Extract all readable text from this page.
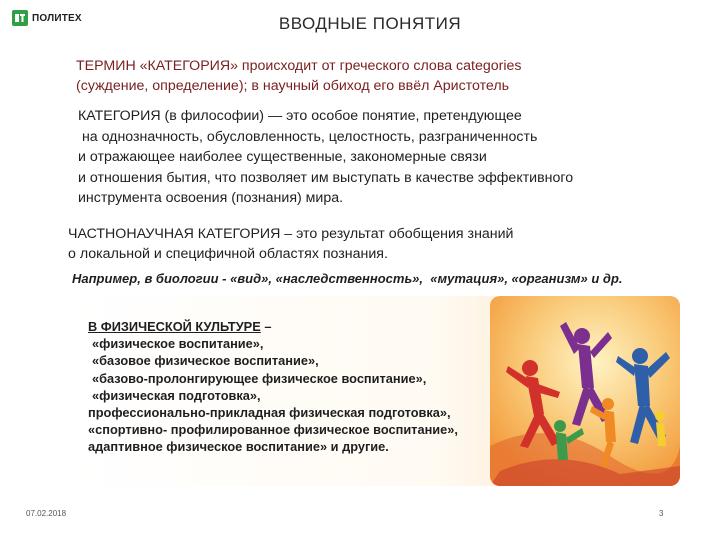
ПОЛИТЕХ	ВВОДНЫЕ ПОНЯТИЯ
ТЕРМИН «КАТЕГОРИЯ» происходит от греческого слова categories
(суждение, определение); в научный обиход его ввёл Аристотель
КАТЕГОРИЯ (в философии) — это особое понятие, претендующее
на однозначность, обусловленность, целостность, разграниченность
и отражающее наиболее существенные, закономерные связи
и отношения бытия, что позволяет им выступать в качестве эффективного
инструмента освоения (познания) мира.
ЧАСТНОНАУЧНАЯ КАТЕГОРИЯ – это результат обобщения знаний
о локальной и специфичной областях познания.
Например, в биологии - «вид», «наследственность»,  «мутация», «организм» и др.
В ФИЗИЧЕСКОЙ КУЛЬТУРЕ –
«физическое воспитание»,
«базовое физическое воспитание»,
«базово-пролонгирующее физическое воспитание»,
«физическая подготовка»,
профессионально-прикладная физическая подготовка»,
«спортивно- профилированное физическое воспитание»,
адаптивное физическое воспитание» и другие.
07.02.2018	3
